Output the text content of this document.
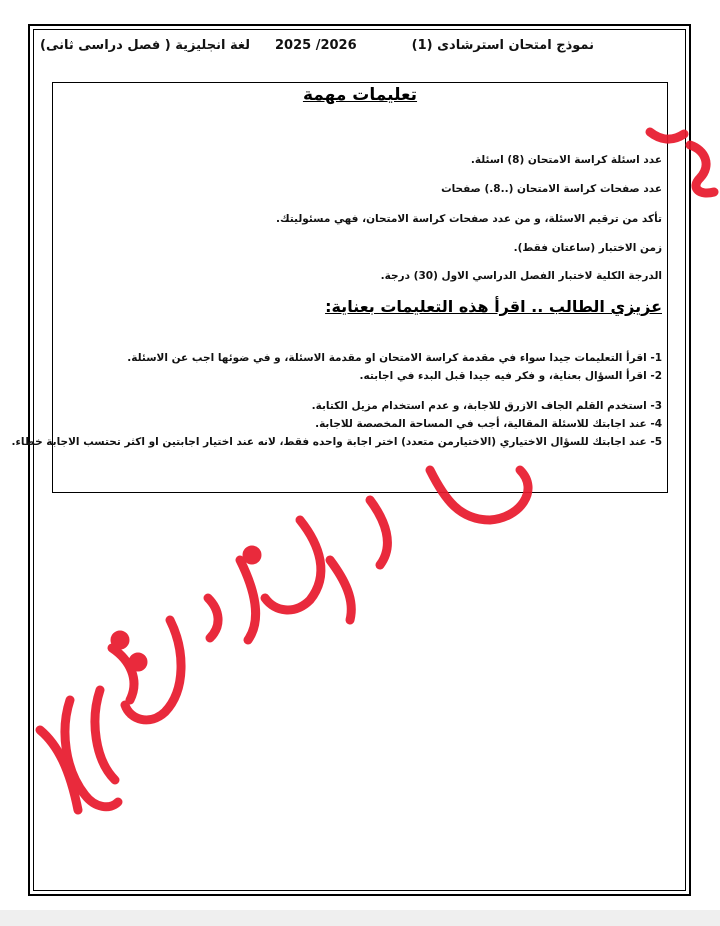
نموذج امتحان استرشادى (1)
2025 /2026
لغة انجليزية ( فصل دراسى ثانى)
تعليمات مهمة
عدد اسئلة كراسة الامتحان (8) اسئلة.
عدد صفحات كراسة الامتحان (..8.) صفحات
تأكد من ترقيم الاسئلة، و من عدد صفحات كراسة الامتحان، فهي مسئوليتك.
زمن الاختبار (ساعتان فقط).
الدرجة الكلية لاختبار الفصل الدراسي الاول (30) درجة.
عزيزي الطالب .. اقرأ هذه التعليمات بعناية:
1- اقرأ التعليمات جيدا سواء في مقدمة كراسة الامتحان او مقدمة الاسئلة، و في ضوئها اجب عن الاسئلة.
2- اقرأ السؤال بعناية، و فكر فيه جيدا قبل البدء في اجابته.
3- استخدم القلم الجاف الازرق للاجابة، و عدم استخدام مزيل الكتابة.
4- عند اجابتك للاسئلة المقالية، أجب في المساحة المخصصة للاجابة.
5- عند اجابتك للسؤال الاختياري (الاختيارمن متعدد) اختر اجابة واحده فقط، لانه عند اختيار اجابتين او اكثر تحتسب الاجابة خطاء.
